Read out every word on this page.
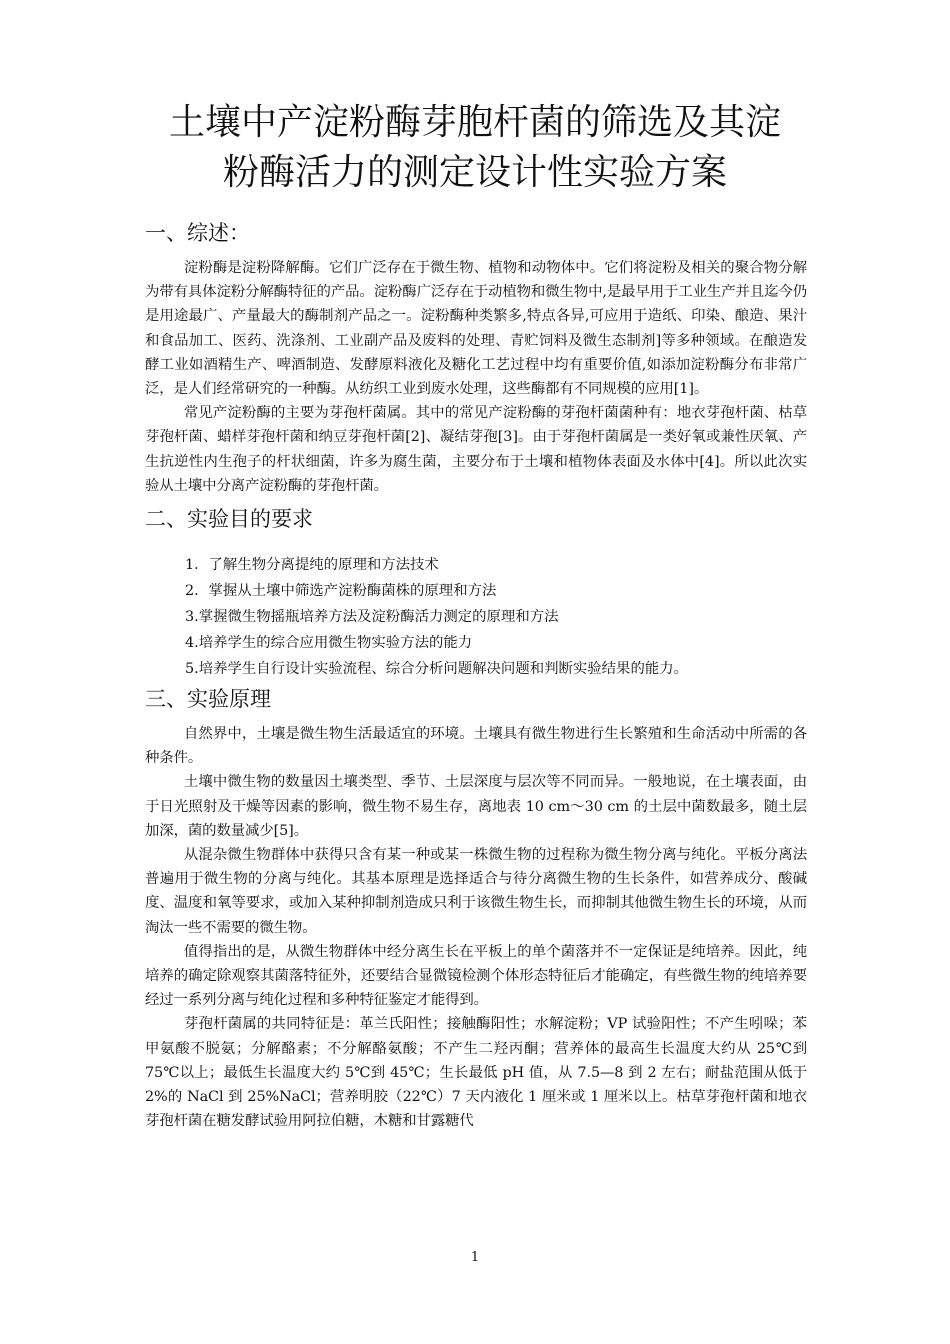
土壤中产淀粉酶芽胞杆菌的筛选及其淀
粉酶活力的测定设计性实验方案
一、综述：

淀粉酶是淀粉降解酶。它们广泛存在于微生物、植物和动物体中。它们将淀粉及相关的聚合物分解为带有具体淀粉分解酶特征的产品。淀粉酶广泛存在于动植物和微生物中,是最早用于工业生产并且迄今仍是用途最广、产量最大的酶制剂产品之一。淀粉酶种类繁多,特点各异,可应用于造纸、印染、酿造、果汁和食品加工、医药、洗涤剂、工业副产品及废料的处理、青贮饲料及微生态制剂]等多种领域。在酿造发酵工业如酒精生产、啤酒制造、发酵原料液化及糖化工艺过程中均有重要价值,如添加淀粉酶分布非常广泛，是人们经常研究的一种酶。从纺织工业到废水处理，这些酶都有不同规模的应用[1]。

常见产淀粉酶的主要为芽孢杆菌属。其中的常见产淀粉酶的芽孢杆菌菌种有：地衣芽孢杆菌、枯草芽孢杆菌、蜡样芽孢杆菌和纳豆芽孢杆菌[2]、凝结芽孢[3]。由于芽孢杆菌属是一类好氧或兼性厌氧、产生抗逆性内生孢子的杆状细菌，许多为腐生菌，主要分布于土壤和植物体表面及水体中[4]。所以此次实验从土壤中分离产淀粉酶的芽孢杆菌。

二、实验目的要求
1．了解生物分离提纯的原理和方法技术
2．掌握从土壤中筛选产淀粉酶菌株的原理和方法
3.掌握微生物摇瓶培养方法及淀粉酶活力测定的原理和方法
4.培养学生的综合应用微生物实验方法的能力
5.培养学生自行设计实验流程、综合分析问题解决问题和判断实验结果的能力。
三、实验原理

自然界中，土壤是微生物生活最适宜的环境。土壤具有微生物进行生长繁殖和生命活动中所需的各种条件。

土壤中微生物的数量因土壤类型、季节、土层深度与层次等不同而异。一般地说，在土壤表面，由于日光照射及干燥等因素的影响，微生物不易生存，离地表 10 cm～30 cm 的土层中菌数最多，随土层加深，菌的数量减少[5]。

从混杂微生物群体中获得只含有某一种或某一株微生物的过程称为微生物分离与纯化。平板分离法普遍用于微生物的分离与纯化。其基本原理是选择适合与待分离微生物的生长条件，如营养成分、酸碱度、温度和氧等要求，或加入某种抑制剂造成只利于该微生物生长，而抑制其他微生物生长的环境，从而淘汰一些不需要的微生物。

值得指出的是，从微生物群体中经分离生长在平板上的单个菌落并不一定保证是纯培养。因此，纯培养的确定除观察其菌落特征外，还要结合显微镜检测个体形态特征后才能确定，有些微生物的纯培养要经过一系列分离与纯化过程和多种特征鉴定才能得到。

芽孢杆菌属的共同特征是：革兰氏阳性；接触酶阳性；水解淀粉；VP 试验阳性；不产生吲哚；苯甲氨酸不脱氨；分解酪素；不分解酪氨酸；不产生二羟丙酮；营养体的最高生长温度大约从 25℃到 75℃以上；最低生长温度大约 5℃到 45℃；生长最低 pH 值，从 7.5—8 到 2 左右；耐盐范围从低于 2%的 NaCl 到 25%NaCl；营养明胶（22℃）7 天内液化 1 厘米或 1 厘米以上。枯草芽孢杆菌和地衣芽孢杆菌在糖发酵试验用阿拉伯糖，木糖和甘露糖代

1
